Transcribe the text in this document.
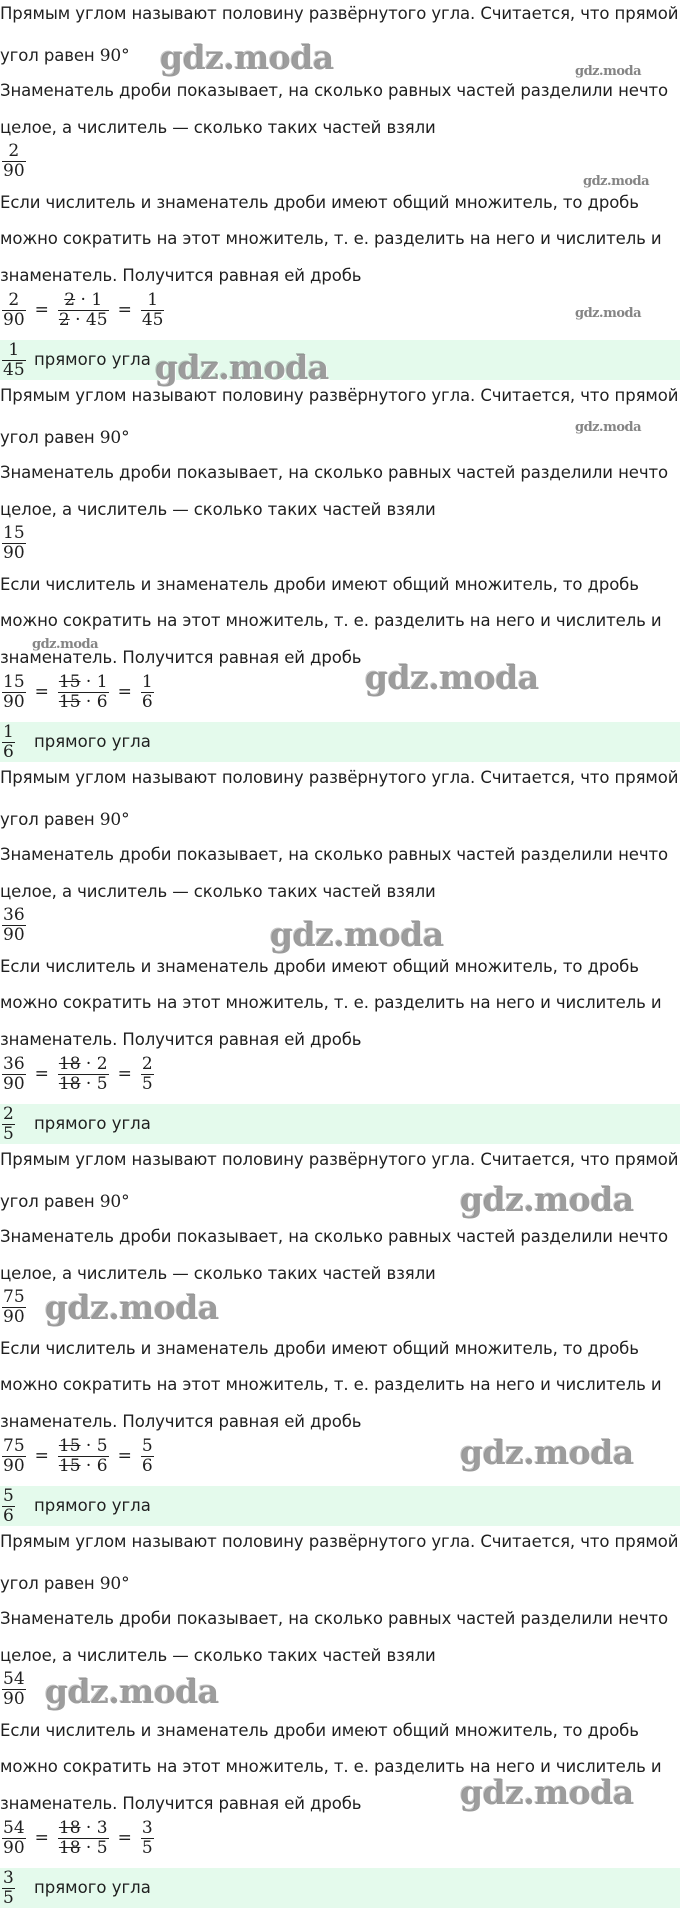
Прямым углом называют половину развёрнутого угла. Считается, что прямой
угол равен 90°
Знаменатель дроби показывает, на сколько равных частей разделили нечто
целое, а числитель — сколько таких частей взяли
$\frac{2}{90}$
Если числитель и знаменатель дроби имеют общий множитель, то дробь
можно сократить на этот множитель, т. е. разделить на него и числитель и
знаменатель. Получится равная ей дробь
$\frac{2}{90} = \frac{2 \cdot 1}{2 \cdot 45} = \frac{1}{45}$
$\frac{1}{45}$ прямого угла
Прямым углом называют половину развёрнутого угла. Считается, что прямой
угол равен 90°
Знаменатель дроби показывает, на сколько равных частей разделили нечто
целое, а числитель — сколько таких частей взяли
$\frac{15}{90}$
Если числитель и знаменатель дроби имеют общий множитель, то дробь
можно сократить на этот множитель, т. е. разделить на него и числитель и
знаменатель. Получится равная ей дробь
$\frac{15}{90} = \frac{15 \cdot 1}{15 \cdot 6} = \frac{1}{6}$
$\frac{1}{6}$ прямого угла
Прямым углом называют половину развёрнутого угла. Считается, что прямой
угол равен 90°
Знаменатель дроби показывает, на сколько равных частей разделили нечто
целое, а числитель — сколько таких частей взяли
$\frac{36}{90}$
Если числитель и знаменатель дроби имеют общий множитель, то дробь
можно сократить на этот множитель, т. е. разделить на него и числитель и
знаменатель. Получится равная ей дробь
$\frac{36}{90} = \frac{18 \cdot 2}{18 \cdot 5} = \frac{2}{5}$
$\frac{2}{5}$ прямого угла
Прямым углом называют половину развёрнутого угла. Считается, что прямой
угол равен 90°
Знаменатель дроби показывает, на сколько равных частей разделили нечто
целое, а числитель — сколько таких частей взяли
$\frac{75}{90}$
Если числитель и знаменатель дроби имеют общий множитель, то дробь
можно сократить на этот множитель, т. е. разделить на него и числитель и
знаменатель. Получится равная ей дробь
$\frac{75}{90} = \frac{15 \cdot 5}{15 \cdot 6} = \frac{5}{6}$
$\frac{5}{6}$ прямого угла
Прямым углом называют половину развёрнутого угла. Считается, что прямой
угол равен 90°
Знаменатель дроби показывает, на сколько равных частей разделили нечто
целое, а числитель — сколько таких частей взяли
$\frac{54}{90}$
Если числитель и знаменатель дроби имеют общий множитель, то дробь
можно сократить на этот множитель, т. е. разделить на него и числитель и
знаменатель. Получится равная ей дробь
$\frac{54}{90} = \frac{18 \cdot 3}{18 \cdot 5} = \frac{3}{5}$
$\frac{3}{5}$ прямого угла
gdz.moda	gdz.moda
gdz.moda
gdz.moda
gdz.moda
gdz.moda
gdz.moda
gdz.moda
gdz.moda
gdz.moda
gdz.moda
gdz.moda
gdz.moda
gdz.moda
